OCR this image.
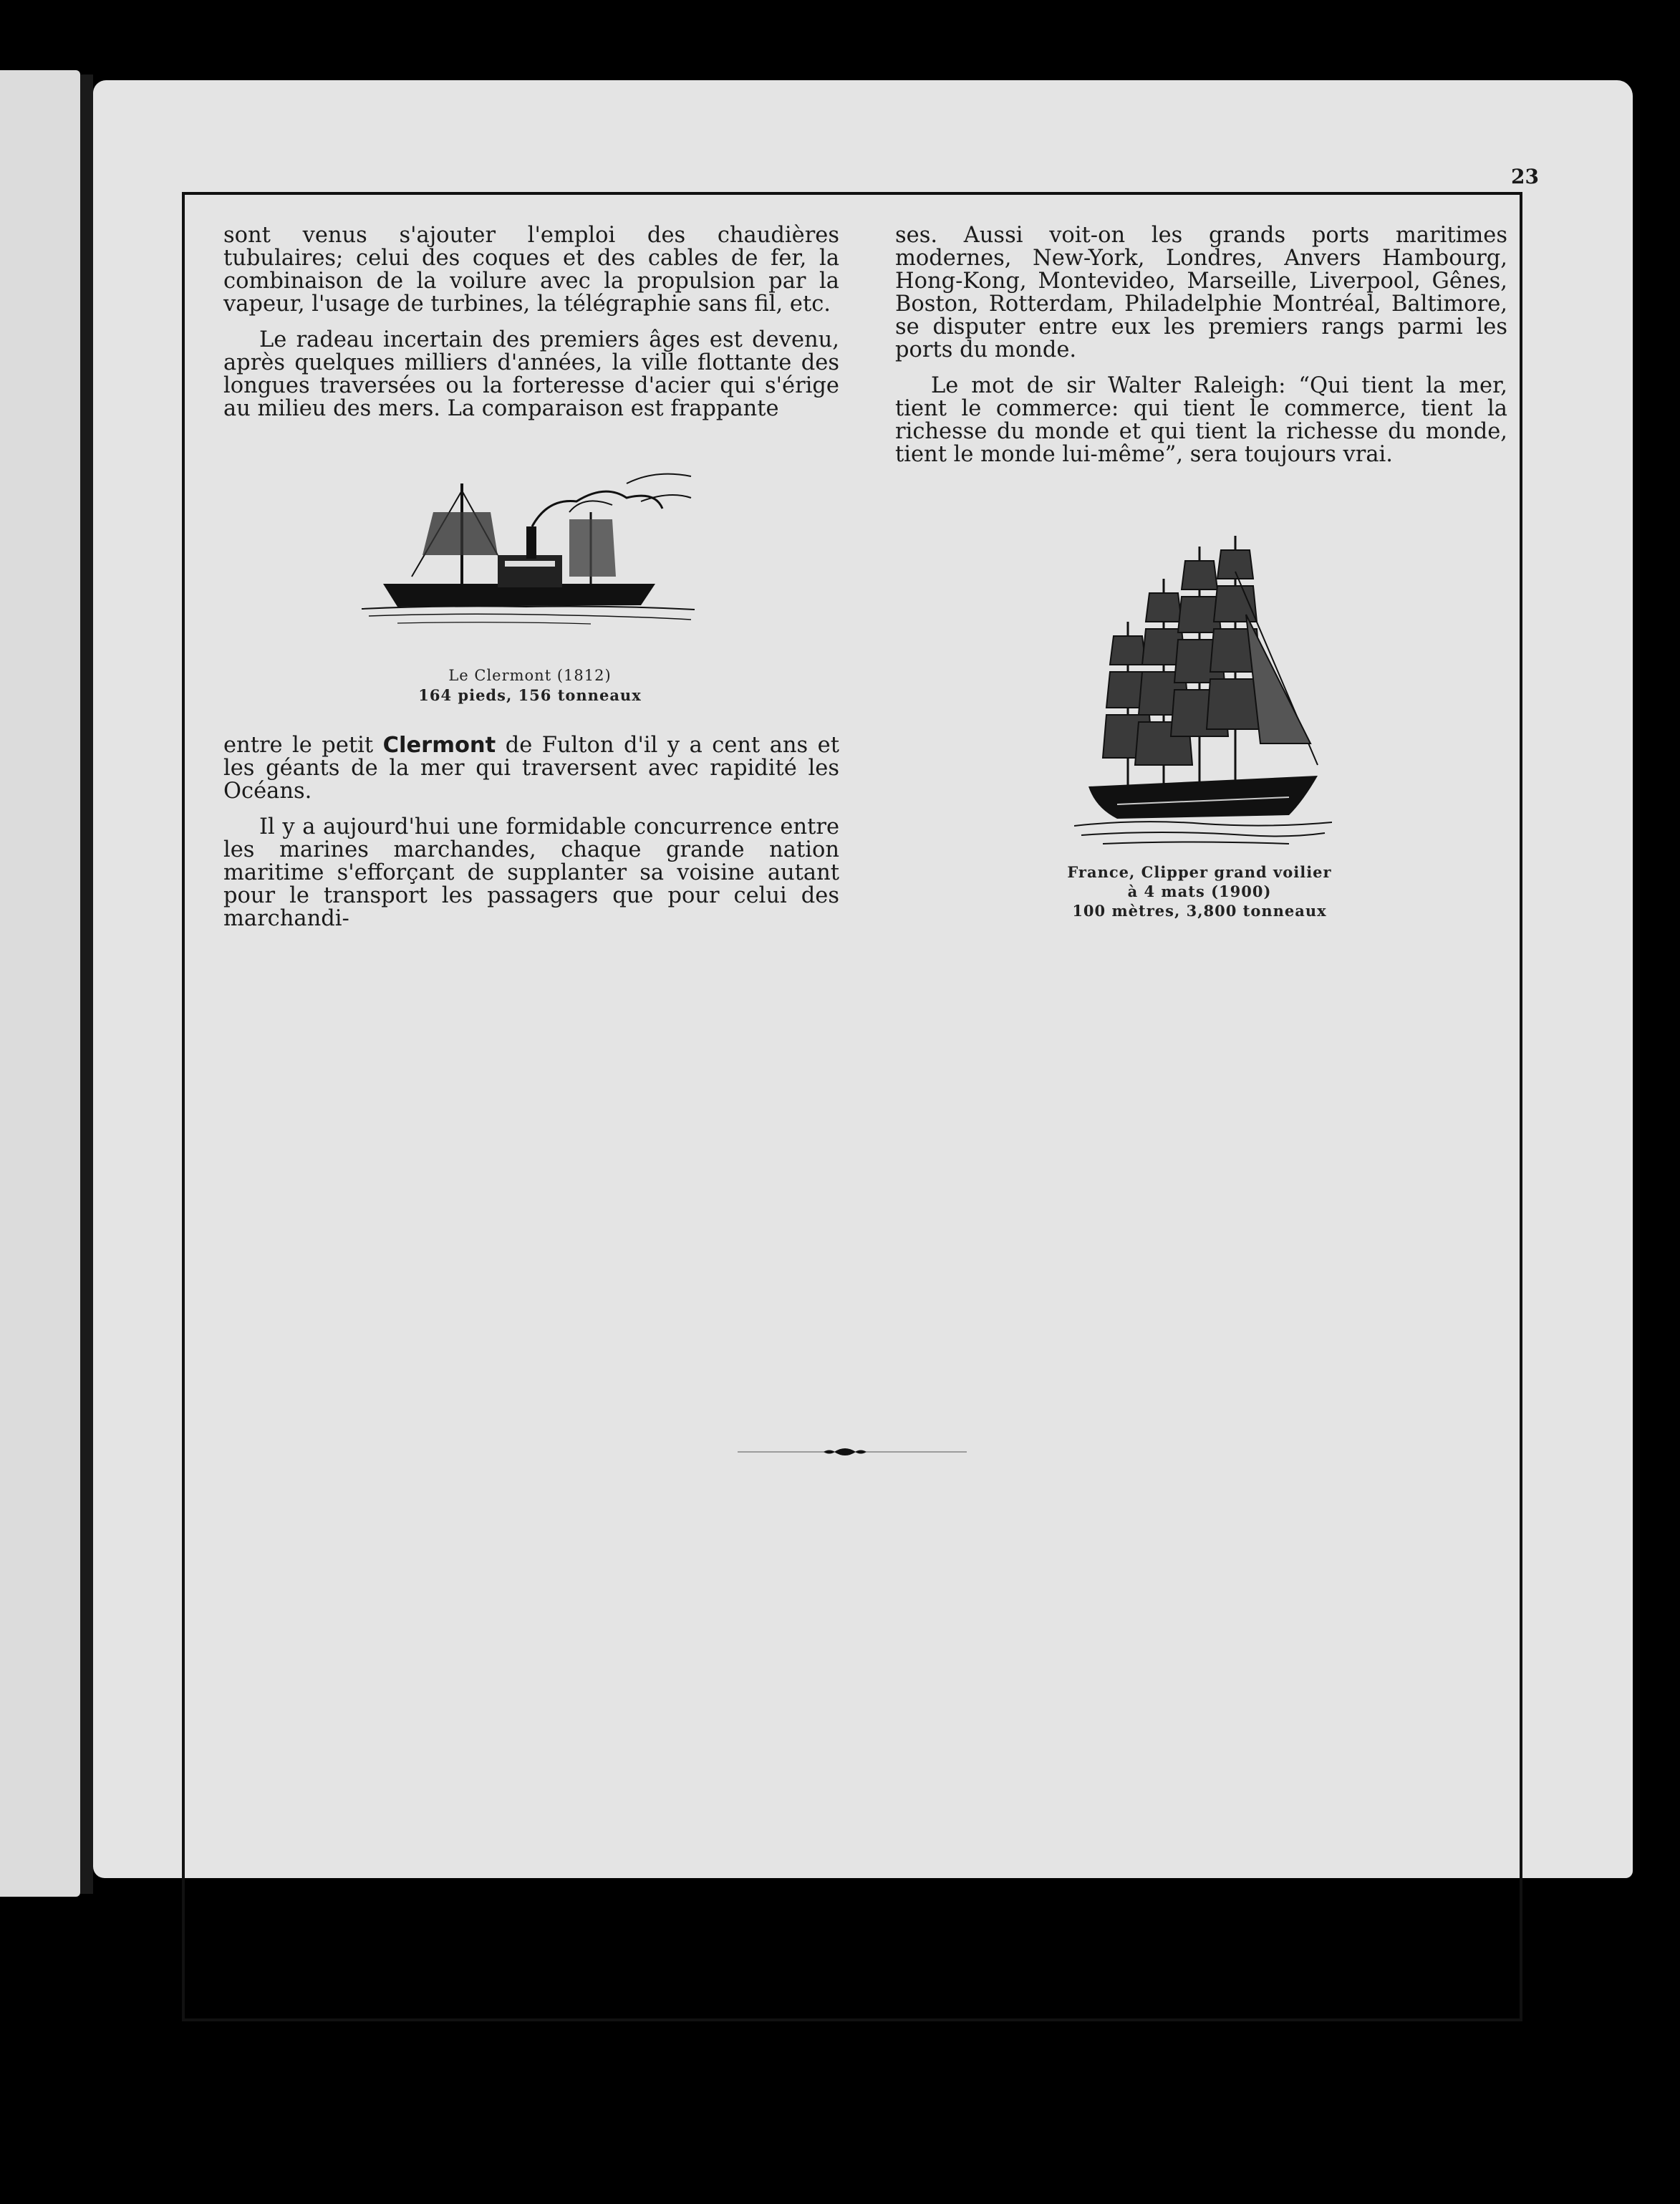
23

sont venus s'ajouter l'emploi des chaudières tubulaires; celui des coques et des cables de fer, la combinaison de la voilure avec la propulsion par la vapeur, l'usage de turbines, la télégraphie sans fil, etc.

Le radeau incertain des premiers âges est devenu, après quelques milliers d'années, la ville flottante des longues traversées ou la forteresse d'acier qui s'érige au milieu des mers. La comparaison est frappante

Le Clermont (1812)
164 pieds, 156 tonneaux

entre le petit Clermont de Fulton d'il y a cent ans et les géants de la mer qui traversent avec rapidité les Océans.

Il y a aujourd'hui une formidable concurrence entre les marines marchandes, chaque grande nation maritime s'efforçant de supplanter sa voisine autant pour le transport les passagers que pour celui des marchandi-

ses. Aussi voit-on les grands ports maritimes modernes, New-York, Londres, Anvers Hambourg, Hong-Kong, Montevideo, Marseille, Liverpool, Gênes, Boston, Rotterdam, Philadelphie Montréal, Baltimore, se disputer entre eux les premiers rangs parmi les ports du monde.

Le mot de sir Walter Raleigh: “Qui tient la mer, tient le commerce: qui tient le commerce, tient la richesse du monde et qui tient la richesse du monde, tient le monde lui-même”, sera toujours vrai.

France, Clipper grand voilier
à 4 mats (1900)
100 mètres, 3,800 tonneaux
